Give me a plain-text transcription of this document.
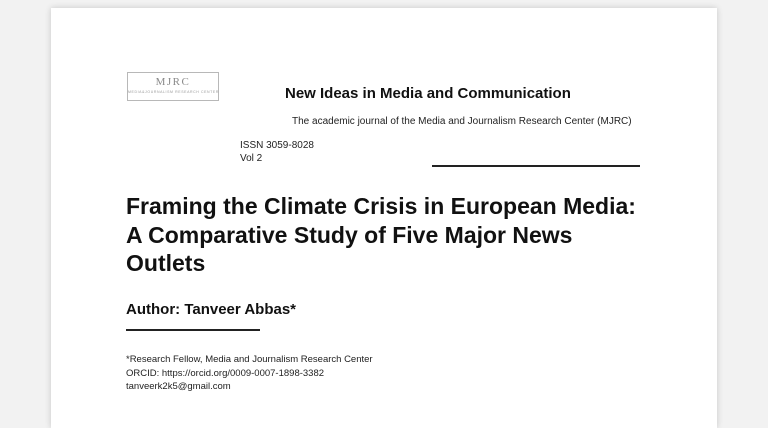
MJRC
MEDIA&JOURNALISM RESEARCH CENTER	New Ideas in Media and Communication
The academic journal of the Media and Journalism Research Center (MJRC)
ISSN 3059-8028
Vol 2
Framing the Climate Crisis in European Media: A Comparative Study of Five Major News Outlets
Author: Tanveer Abbas*
*Research Fellow, Media and Journalism Research Center
ORCID: https://orcid.org/0009-0007-1898-3382
tanveerk2k5@gmail.com
